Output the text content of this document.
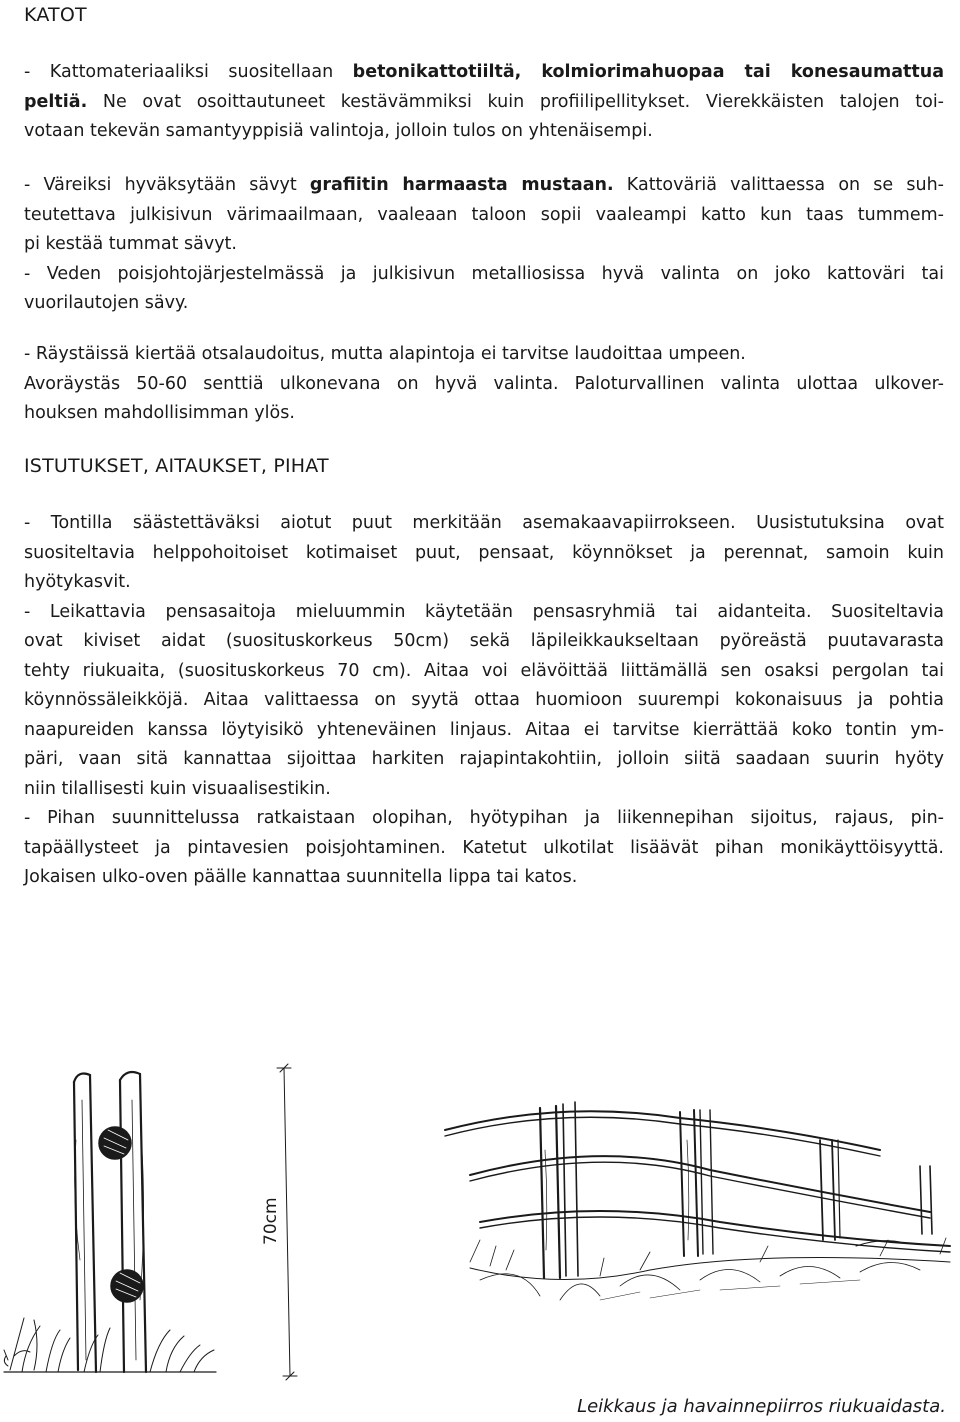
KATOT
- Kattomateriaaliksi suositellaan betonikattotiiltä, kolmiorimahuopaa tai konesaumattua
peltiä. Ne ovat osoittautuneet kestävämmiksi kuin profiilipellitykset. Vierekkäisten talojen toi-
votaan tekevän samantyyppisiä valintoja, jolloin tulos on yhtenäisempi.
- Väreiksi hyväksytään sävyt grafiitin harmaasta mustaan. Kattoväriä valittaessa on se suh-
teutettava julkisivun värimaailmaan, vaaleaan taloon sopii vaaleampi katto kun taas tummem-
pi kestää tummat sävyt.
- Veden poisjohtojärjestelmässä ja julkisivun metalliosissa hyvä valinta on joko kattoväri tai
vuorilautojen sävy.
- Räystäissä kiertää otsalaudoitus, mutta alapintoja ei tarvitse laudoittaa umpeen.
Avoräystäs 50-60 senttiä ulkonevana on hyvä valinta. Paloturvallinen valinta ulottaa ulkover-
houksen mahdollisimman ylös.
ISTUTUKSET, AITAUKSET, PIHAT
- Tontilla säästettäväksi aiotut puut merkitään asemakaavapiirrokseen. Uusistutuksina ovat
suositeltavia helppohoitoiset kotimaiset puut, pensaat, köynnökset ja perennat, samoin kuin
hyötykasvit.
- Leikattavia pensasaitoja mieluummin käytetään pensasryhmiä tai aidanteita. Suositeltavia
ovat kiviset aidat (suosituskorkeus 50cm) sekä läpileikkaukseltaan pyöreästä puutavarasta
tehty riukuaita, (suosituskorkeus 70 cm). Aitaa voi elävöittää liittämällä sen osaksi pergolan tai
köynnössäleikköjä. Aitaa valittaessa on syytä ottaa huomioon suurempi kokonaisuus ja pohtia
naapureiden kanssa löytyisikö yhteneväinen linjaus. Aitaa ei tarvitse kierrättää koko tontin ym-
päri, vaan sitä kannattaa sijoittaa harkiten rajapintakohtiin, jolloin siitä saadaan suurin hyöty
niin tilallisesti kuin visuaalisestikin.
- Pihan suunnittelussa ratkaistaan olopihan, hyötypihan ja liikennepihan sijoitus, rajaus, pin-
tapäällysteet ja pintavesien poisjohtaminen. Katetut ulkotilat lisäävät pihan monikäyttöisyyttä.
Jokaisen ulko-oven päälle kannattaa suunnitella lippa tai katos.
70cm
Leikkaus ja havainnepiirros riukuaidasta.
